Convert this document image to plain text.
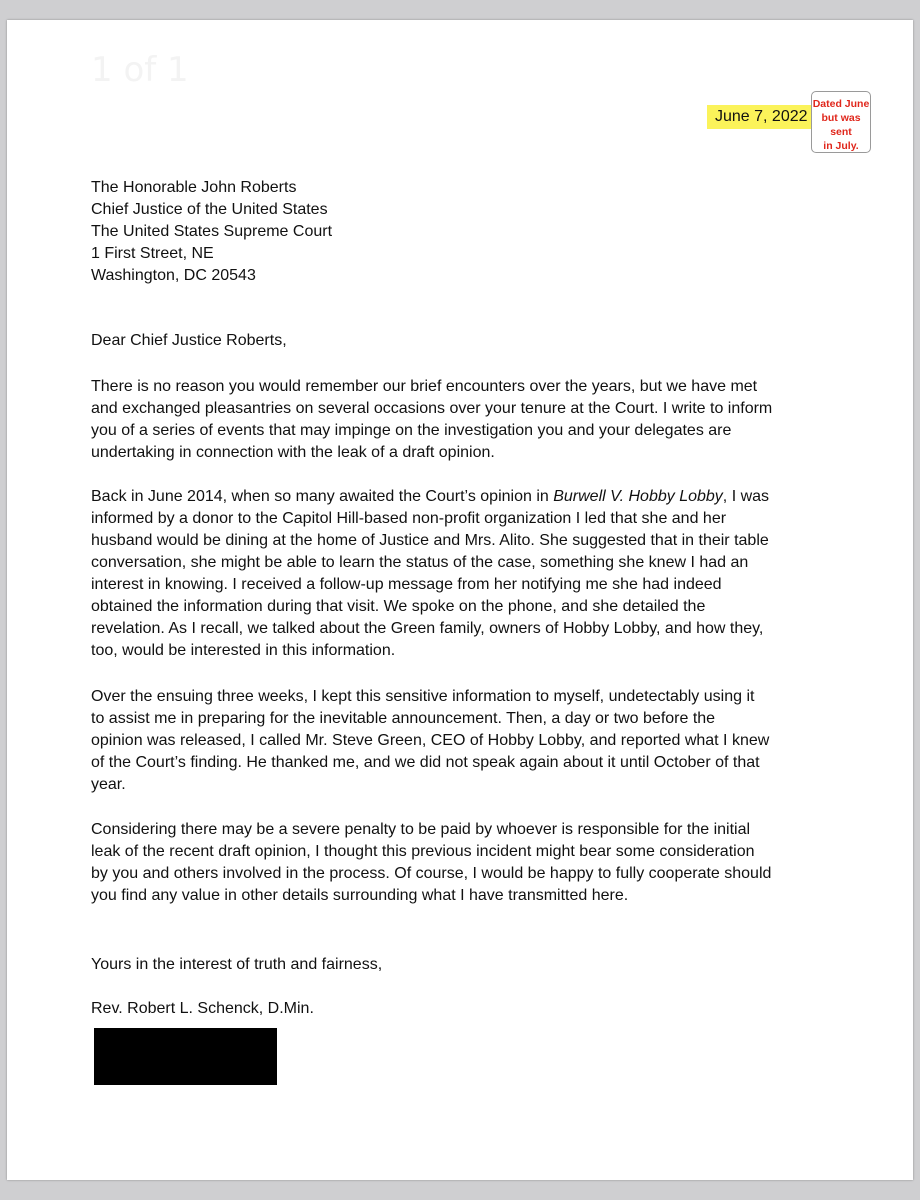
1 of 1
June 7, 2022
Dated June
but was sent
in July.
The Honorable John Roberts
Chief Justice of the United States
The United States Supreme Court
1 First Street, NE
Washington, DC 20543
Dear Chief Justice Roberts,
There is no reason you would remember our brief encounters over the years, but we have met
and exchanged pleasantries on several occasions over your tenure at the Court. I write to inform
you of a series of events that may impinge on the investigation you and your delegates are
undertaking in connection with the leak of a draft opinion.
Back in June 2014, when so many awaited the Court’s opinion in Burwell V. Hobby Lobby, I was
informed by a donor to the Capitol Hill-based non-profit organization I led that she and her
husband would be dining at the home of Justice and Mrs. Alito. She suggested that in their table
conversation, she might be able to learn the status of the case, something she knew I had an
interest in knowing. I received a follow-up message from her notifying me she had indeed
obtained the information during that visit. We spoke on the phone, and she detailed the
revelation. As I recall, we talked about the Green family, owners of Hobby Lobby, and how they,
too, would be interested in this information.
Over the ensuing three weeks, I kept this sensitive information to myself, undetectably using it
to assist me in preparing for the inevitable announcement. Then, a day or two before the
opinion was released, I called Mr. Steve Green, CEO of Hobby Lobby, and reported what I knew
of the Court’s finding. He thanked me, and we did not speak again about it until October of that
year.
Considering there may be a severe penalty to be paid by whoever is responsible for the initial
leak of the recent draft opinion, I thought this previous incident might bear some consideration
by you and others involved in the process. Of course, I would be happy to fully cooperate should
you find any value in other details surrounding what I have transmitted here.
Yours in the interest of truth and fairness,
Rev. Robert L. Schenck, D.Min.
